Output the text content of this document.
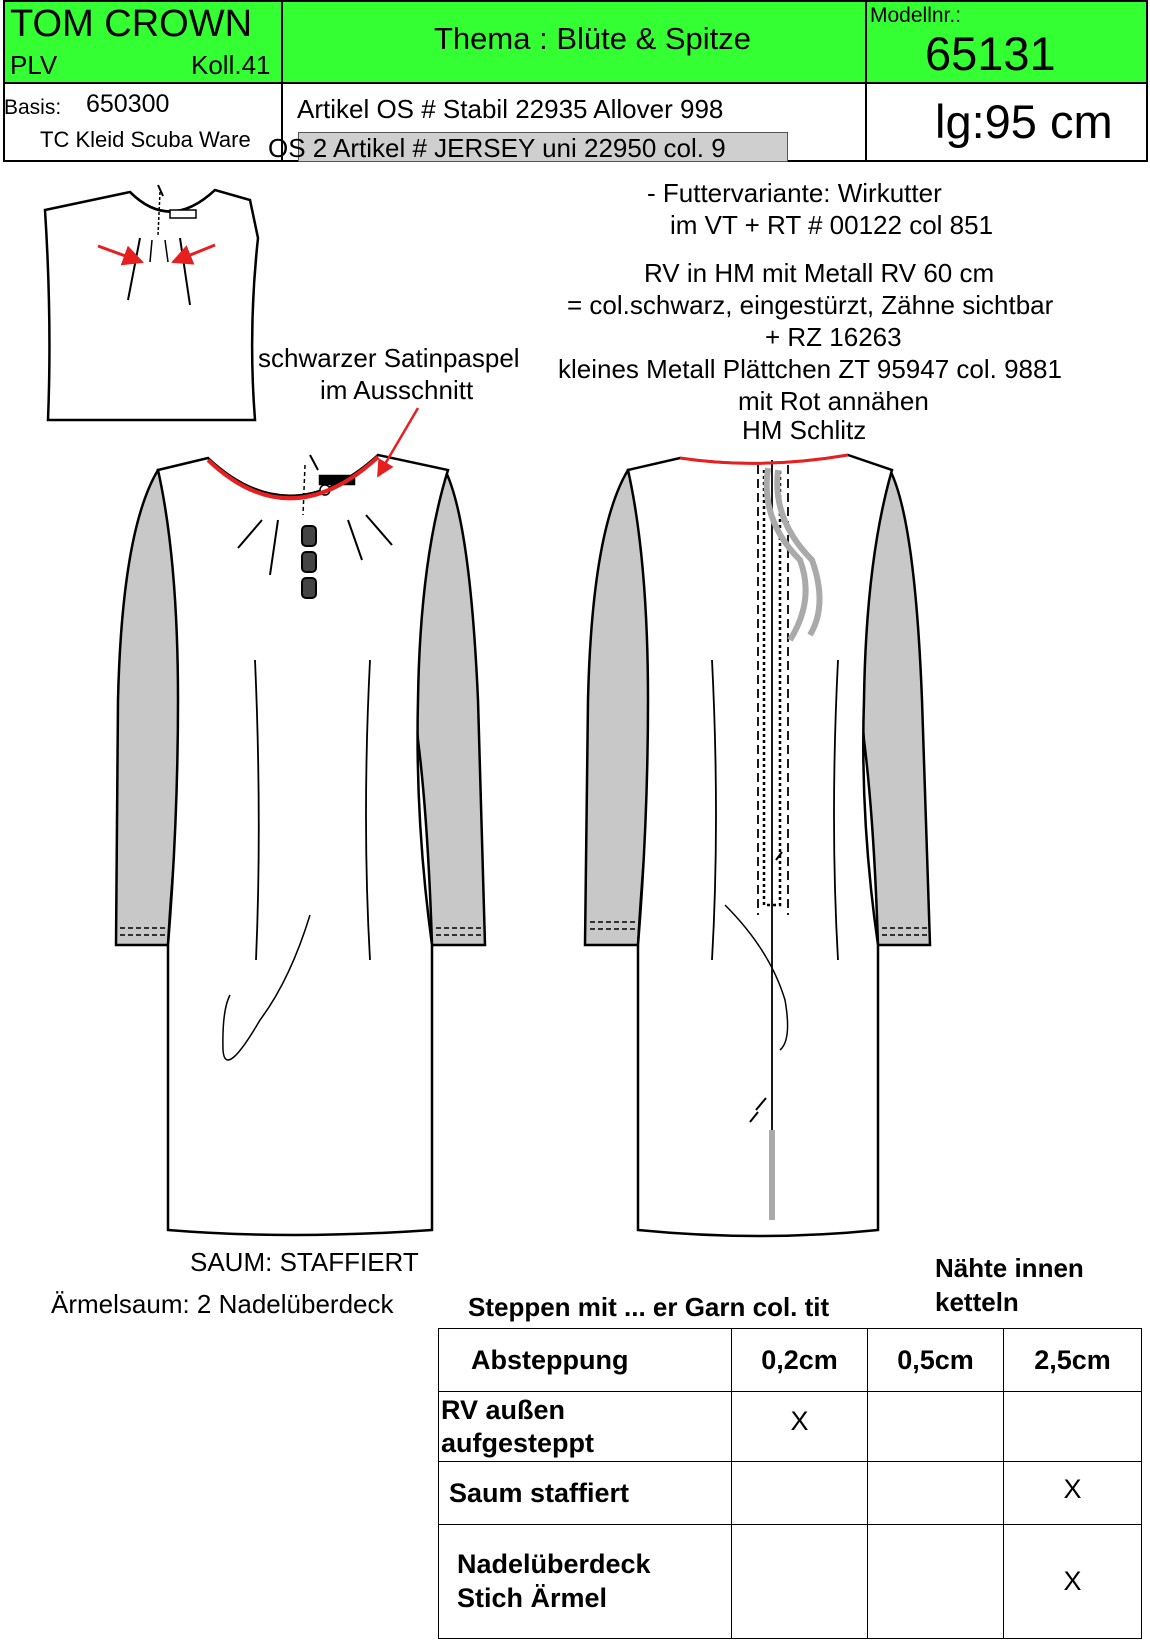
TOM CROWN
PLV	Koll.41
Thema : Blüte & Spitze
Modellnr.:
65131
Basis: 650300
TC Kleid Scuba Ware
Artikel OS # Stabil 22935 Allover 998
OS 2 Artikel # JERSEY uni 22950 col. 9	lg:95 cm
- Futtervariante: Wirkutter
im VT + RT # 00122 col 851
RV in HM mit Metall RV 60 cm
= col.schwarz, eingestürzt, Zähne sichtbar
+ RZ 16263
kleines Metall Plättchen ZT 95947 col. 9881
mit Rot annähen
HM Schlitz
schwarzer Satinpaspel
im Ausschnitt
SAUM: STAFFIERT
Ärmelsaum: 2 Nadelüberdeck	Steppen mit ... er Garn col. tit
Nähte innen
ketteln
Absteppung	0,2cm	0,5cm	2,5cm
RV außen
aufgesteppt	X		
Saum staffiert			X
Nadelüberdeck
Stich Ärmel			X
